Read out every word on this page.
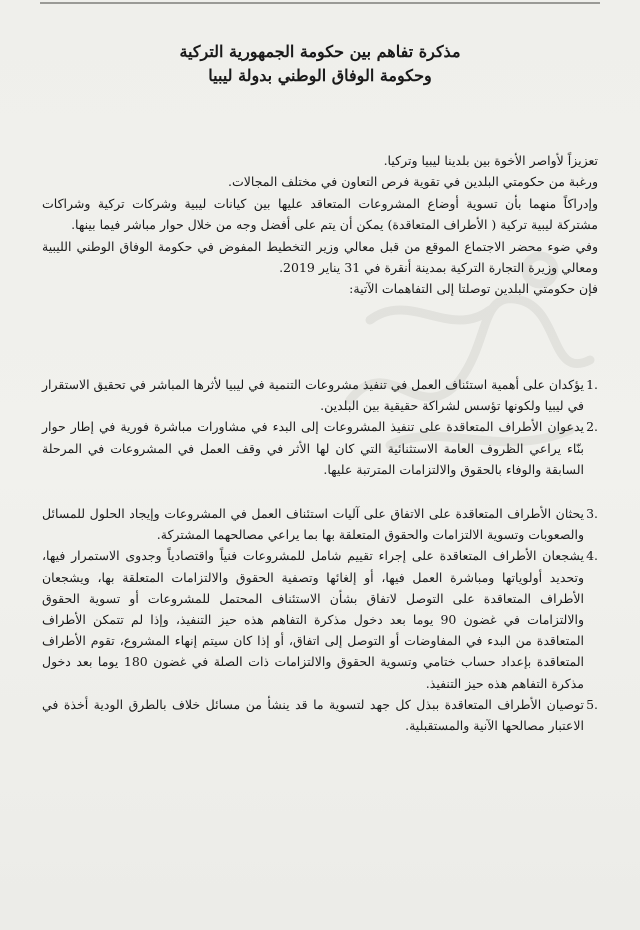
مذكرة تفاهم بين حكومة الجمهورية التركية
وحكومة الوفاق الوطني بدولة ليبيا

تعزيزاً لأواصر الأخوة بين بلدينا ليبيا وتركيا.

ورغبة من حكومتي البلدين في تقوية فرص التعاون في مختلف المجالات.

وإدراكاً منهما بأن تسوية أوضاع المشروعات المتعاقد عليها بين كيانات ليبية وشركات تركية وشراكات مشتركة ليبية تركية ( الأطراف المتعاقدة) يمكن أن يتم على أفضل وجه من خلال حوار مباشر فيما بينها.

وفي ضوء محضر الاجتماع الموقع من قبل معالي وزير التخطيط المفوض في حكومة الوفاق الوطني الليبية ومعالي وزيرة التجارة التركية بمدينة أنقرة في 31 يناير 2019.

فإن حكومتي البلدين توصلتا إلى التفاهمات الآتية:

1.
يؤكدان على أهمية استئناف العمل في تنفيذ مشروعات التنمية في ليبيا لأثرها المباشر في تحقيق الاستقرار في ليبيا ولكونها تؤسس لشراكة حقيقية بين البلدين.
2.
يدعوان الأطراف المتعاقدة على تنفيذ المشروعات إلى البدء في مشاورات مباشرة فورية في إطار حوار بنّاء يراعي الظروف العامة الاستثنائية التي كان لها الأثر في وقف العمل في المشروعات في المرحلة السابقة والوفاء بالحقوق والالتزامات المترتبة عليها.
3.
يحثان الأطراف المتعاقدة على الاتفاق على آليات استئناف العمل في المشروعات وإيجاد الحلول للمسائل والصعوبات وتسوية الالتزامات والحقوق المتعلقة بها بما يراعي مصالحهما المشتركة.
4.
يشجعان الأطراف المتعاقدة على إجراء تقييم شامل للمشروعات فنياً واقتصادياً وجدوى الاستمرار فيها، وتحديد أولوياتها ومباشرة العمل فيها، أو إلغائها وتصفية الحقوق والالتزامات المتعلقة بها، ويشجعان الأطراف المتعاقدة على التوصل لاتفاق بشأن الاستئناف المحتمل للمشروعات أو تسوية الحقوق والالتزامات في غضون 90 يوما بعد دخول مذكرة التفاهم هذه حيز التنفيذ، وإذا لم تتمكن الأطراف المتعاقدة من البدء في المفاوضات أو التوصل إلى اتفاق، أو إذا كان سيتم إنهاء المشروع، تقوم الأطراف المتعاقدة بإعداد حساب ختامي وتسوية الحقوق والالتزامات ذات الصلة في غضون 180 يوما بعد دخول مذكرة التفاهم هذه حيز التنفيذ.
5.
توصيان الأطراف المتعاقدة ببذل كل جهد لتسوية ما قد ينشأ من مسائل خلاف بالطرق الودية أخذة في الاعتبار مصالحها الآنية والمستقبلية.
